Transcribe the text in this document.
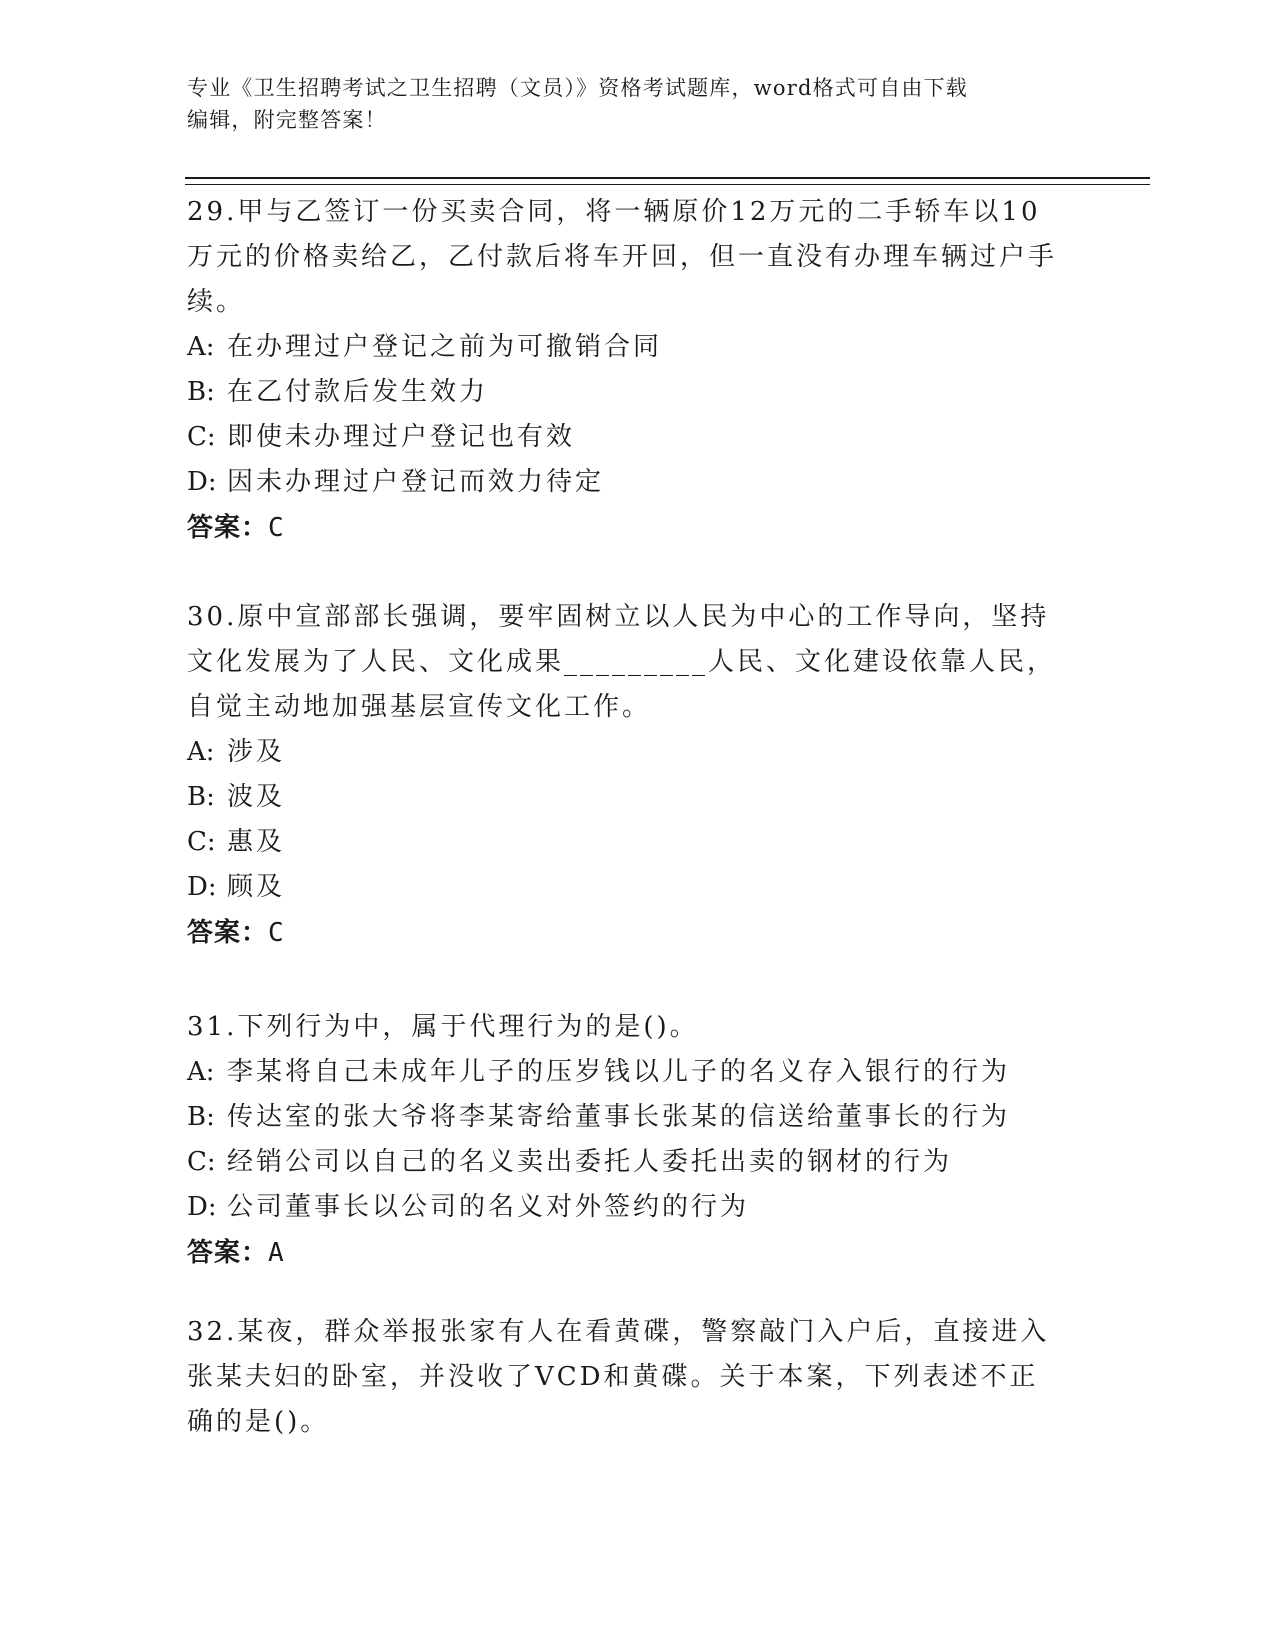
专业《卫生招聘考试之卫生招聘（文员）》资格考试题库，word格式可自由下载
编辑，附完整答案！

29.甲与乙签订一份买卖合同，将一辆原价12万元的二手轿车以10万元的价格卖给乙，乙付款后将车开回，但一直没有办理车辆过户手续。

A: 在办理过户登记之前为可撤销合同

B: 在乙付款后发生效力

C: 即使未办理过户登记也有效

D: 因未办理过户登记而效力待定

答案：C

30.原中宣部部长强调，要牢固树立以人民为中心的工作导向，坚持文化发展为了人民、文化成果_________人民、文化建设依靠人民，自觉主动地加强基层宣传文化工作。

A: 涉及

B: 波及

C: 惠及

D: 顾及

答案：C

31.下列行为中，属于代理行为的是()。

A: 李某将自己未成年儿子的压岁钱以儿子的名义存入银行的行为

B: 传达室的张大爷将李某寄给董事长张某的信送给董事长的行为

C: 经销公司以自己的名义卖出委托人委托出卖的钢材的行为

D: 公司董事长以公司的名义对外签约的行为

答案：A

32.某夜，群众举报张家有人在看黄碟，警察敲门入户后，直接进入张某夫妇的卧室，并没收了VCD和黄碟。关于本案，下列表述不正确的是()。
